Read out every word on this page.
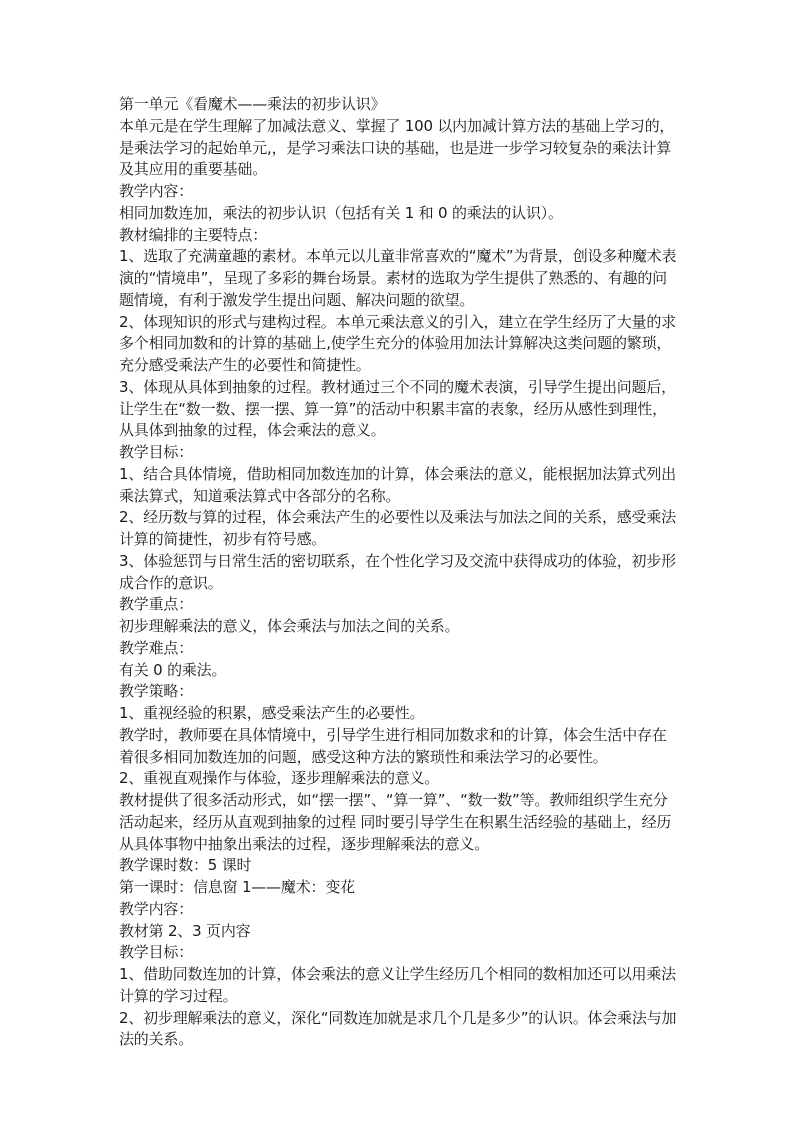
第一单元《看魔术——乘法的初步认识》

本单元是在学生理解了加减法意义、掌握了 100 以内加减计算方法的基础上学习的，是乘法学习的起始单元,，是学习乘法口诀的基础，也是进一步学习较复杂的乘法计算及其应用的重要基础。

教学内容：

相同加数连加，乘法的初步认识（包括有关 1 和 0 的乘法的认识）。

教材编排的主要特点：

1、选取了充满童趣的素材。本单元以儿童非常喜欢的“魔术”为背景，创设多种魔术表演的“情境串”，呈现了多彩的舞台场景。素材的选取为学生提供了熟悉的、有趣的问题情境，有利于激发学生提出问题、解决问题的欲望。

2、体现知识的形式与建构过程。本单元乘法意义的引入，建立在学生经历了大量的求多个相同加数和的计算的基础上,使学生充分的体验用加法计算解决这类问题的繁琐，充分感受乘法产生的必要性和简捷性。

3、体现从具体到抽象的过程。教材通过三个不同的魔术表演，引导学生提出问题后，让学生在“数一数、摆一摆、算一算”的活动中积累丰富的表象，经历从感性到理性，从具体到抽象的过程，体会乘法的意义。

教学目标：

1、结合具体情境，借助相同加数连加的计算，体会乘法的意义，能根据加法算式列出乘法算式，知道乘法算式中各部分的名称。

2、经历数与算的过程，体会乘法产生的必要性以及乘法与加法之间的关系，感受乘法计算的简捷性，初步有符号感。

3、体验惩罚与日常生活的密切联系，在个性化学习及交流中获得成功的体验，初步形成合作的意识。

教学重点：

初步理解乘法的意义，体会乘法与加法之间的关系。

教学难点：

有关 0 的乘法。

教学策略：

1、重视经验的积累，感受乘法产生的必要性。

教学时，教师要在具体情境中，引导学生进行相同加数求和的计算，体会生活中存在着很多相同加数连加的问题，感受这种方法的繁琐性和乘法学习的必要性。

2、重视直观操作与体验，逐步理解乘法的意义。

教材提供了很多活动形式，如“摆一摆”、“算一算”、“数一数”等。教师组织学生充分活动起来，经历从直观到抽象的过程 同时要引导学生在积累生活经验的基础上，经历从具体事物中抽象出乘法的过程，逐步理解乘法的意义。

教学课时数：5 课时

第一课时：信息窗 1——魔术：变花

教学内容：

教材第 2、3 页内容

教学目标：

1、借助同数连加的计算，体会乘法的意义让学生经历几个相同的数相加还可以用乘法计算的学习过程。

2、初步理解乘法的意义，深化“同数连加就是求几个几是多少”的认识。体会乘法与加法的关系。
